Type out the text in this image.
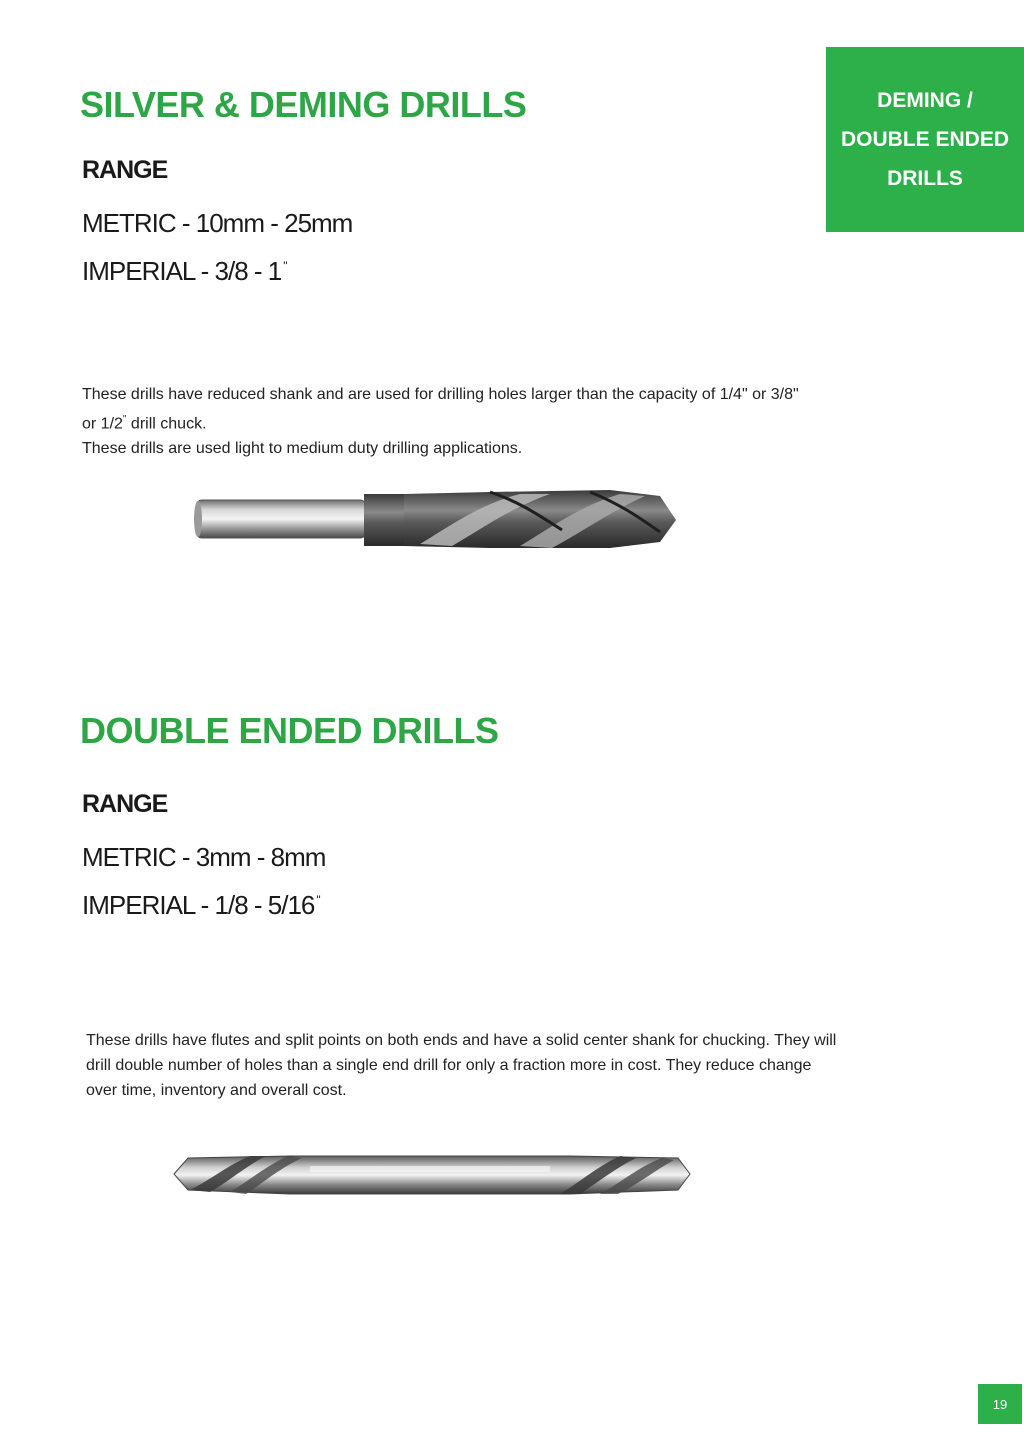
DEMING /
DOUBLE ENDED
DRILLS
SILVER & DEMING DRILLS
RANGE
METRIC - 10mm - 25mm
IMPERIAL - 3/8 - 1 "

These drills have reduced shank and are used for drilling holes larger than the capacity of 1/4" or 3/8"

or 1/2" drill chuck.

These drills are used light to medium duty drilling applications.

DOUBLE ENDED DRILLS
RANGE
METRIC - 3mm - 8mm
IMPERIAL - 1/8 - 5/16 "

These drills have flutes and split points on both ends and have a solid center shank for chucking. They will

drill double number of holes than a single end drill for only a fraction more in cost. They reduce change

over time, inventory and overall cost.

19
